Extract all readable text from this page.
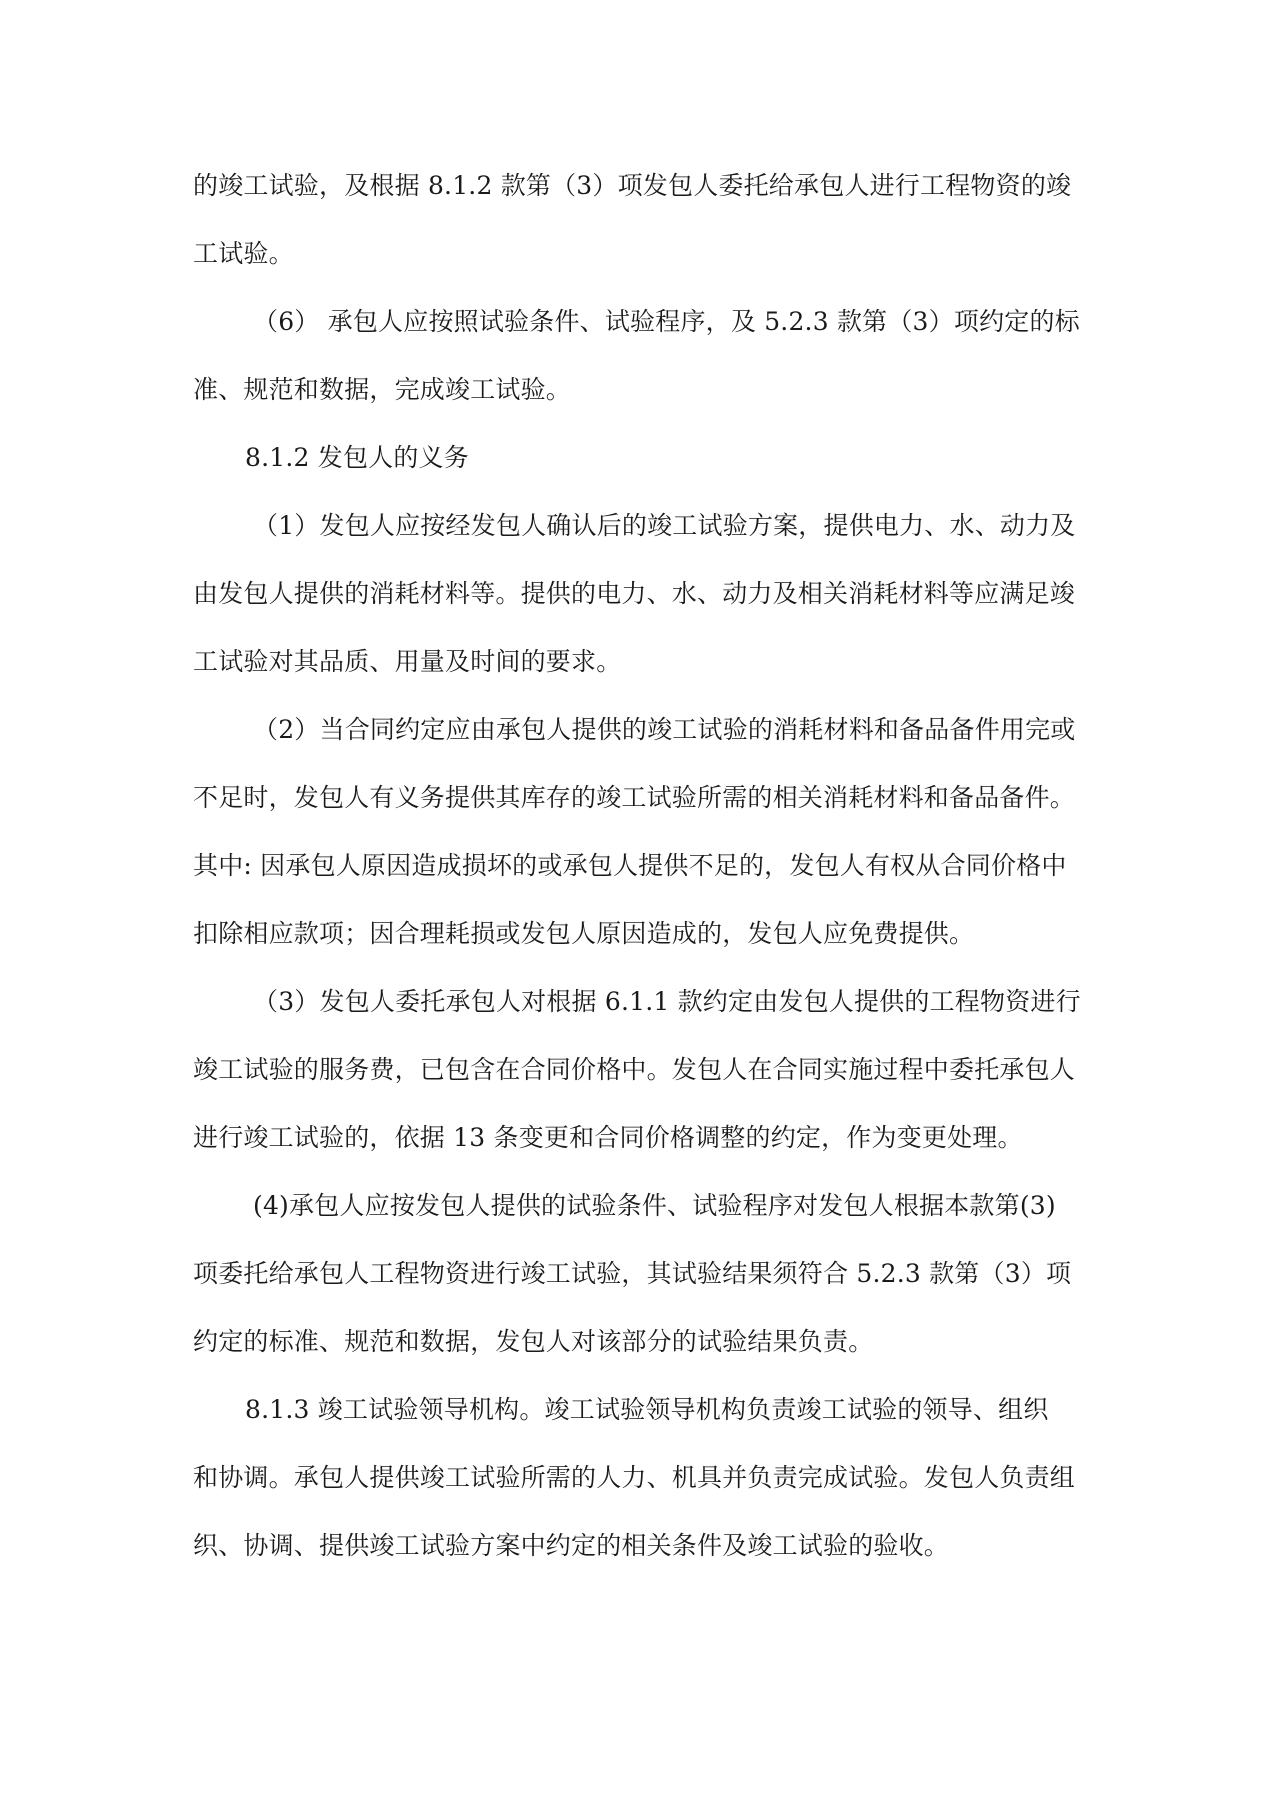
的竣工试验，及根据 8.1.2 款第（3）项发包人委托给承包人进行工程物资的竣
工试验。
（6） 承包人应按照试验条件、试验程序，及 5.2.3 款第（3）项约定的标
准、规范和数据，完成竣工试验。
8.1.2 发包人的义务
（1）发包人应按经发包人确认后的竣工试验方案，提供电力、水、动力及
由发包人提供的消耗材料等。提供的电力、水、动力及相关消耗材料等应满足竣
工试验对其品质、用量及时间的要求。
（2）当合同约定应由承包人提供的竣工试验的消耗材料和备品备件用完或
不足时，发包人有义务提供其库存的竣工试验所需的相关消耗材料和备品备件。
其中: 因承包人原因造成损坏的或承包人提供不足的，发包人有权从合同价格中
扣除相应款项；因合理耗损或发包人原因造成的，发包人应免费提供。
（3）发包人委托承包人对根据 6.1.1 款约定由发包人提供的工程物资进行
竣工试验的服务费，已包含在合同价格中。发包人在合同实施过程中委托承包人
进行竣工试验的，依据 13 条变更和合同价格调整的约定，作为变更处理。
(4)承包人应按发包人提供的试验条件、试验程序对发包人根据本款第(3)
项委托给承包人工程物资进行竣工试验，其试验结果须符合 5.2.3 款第（3）项
约定的标准、规范和数据，发包人对该部分的试验结果负责。
8.1.3 竣工试验领导机构。竣工试验领导机构负责竣工试验的领导、组织
和协调。承包人提供竣工试验所需的人力、机具并负责完成试验。发包人负责组
织、协调、提供竣工试验方案中约定的相关条件及竣工试验的验收。
